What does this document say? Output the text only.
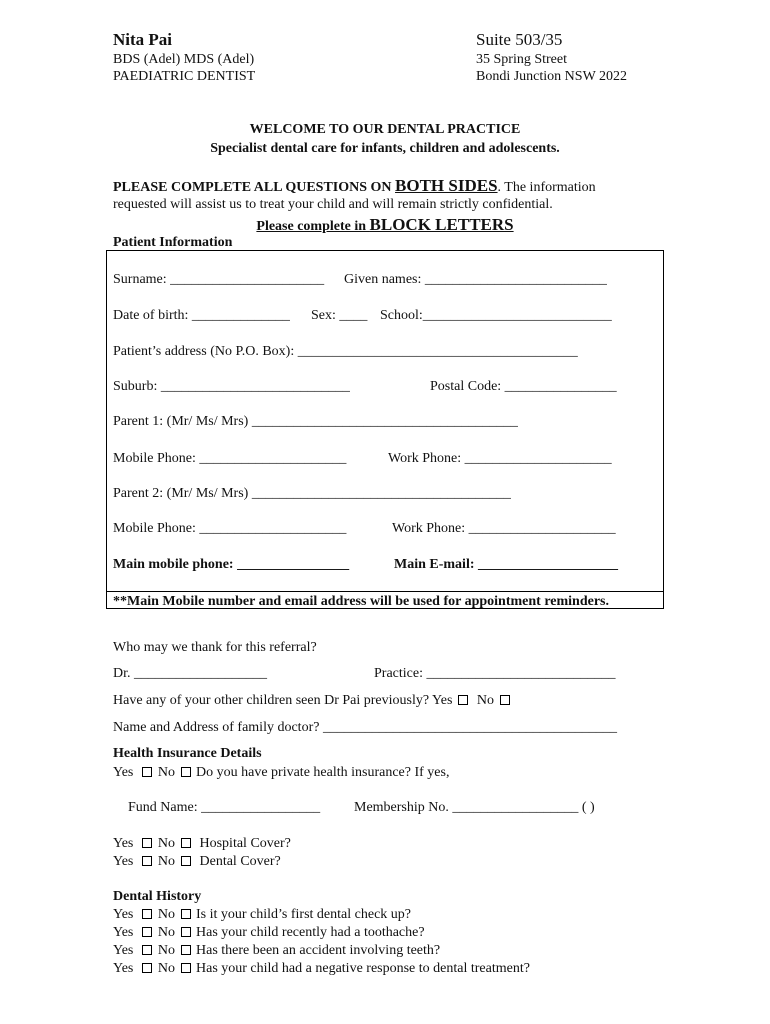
Nita Pai
BDS (Adel) MDS (Adel)
PAEDIATRIC DENTIST
Suite 503/35
35 Spring Street
Bondi Junction NSW 2022
WELCOME TO OUR DENTAL PRACTICE
Specialist dental care for infants, children and adolescents.
PLEASE COMPLETE ALL QUESTIONS ON BOTH SIDES. The information
requested will assist us to treat your child and will remain strictly confidential.
Please complete in BLOCK LETTERS
Patient Information
Surname: ______________________ Given names: __________________________
Date of birth: ______________ Sex: ____ School:___________________________
Patient’s address (No P.O. Box): ________________________________________
Suburb: ___________________________	Postal Code: ________________
Parent 1: (Mr/ Ms/ Mrs) ______________________________________
Mobile Phone: _____________________	Work Phone: _____________________
Parent 2: (Mr/ Ms/ Mrs) _____________________________________
Mobile Phone: _____________________	Work Phone: _____________________
Main mobile phone: ________________	Main E-mail: ____________________
**Main Mobile number and email address will be used for appointment reminders.
Who may we thank for this referral?
Dr. ___________________	Practice: ___________________________
Have any of your other children seen Dr Pai previously? Yes No
Name and Address of family doctor? __________________________________________
Health Insurance Details
Yes No Do you have private health insurance? If yes,
Fund Name: _________________ Membership No. __________________ ( )
Yes No Hospital Cover?
Yes No Dental Cover?
Dental History
Yes No Is it your child’s first dental check up?
Yes No Has your child recently had a toothache?
Yes No Has there been an accident involving teeth?
Yes No Has your child had a negative response to dental treatment?
